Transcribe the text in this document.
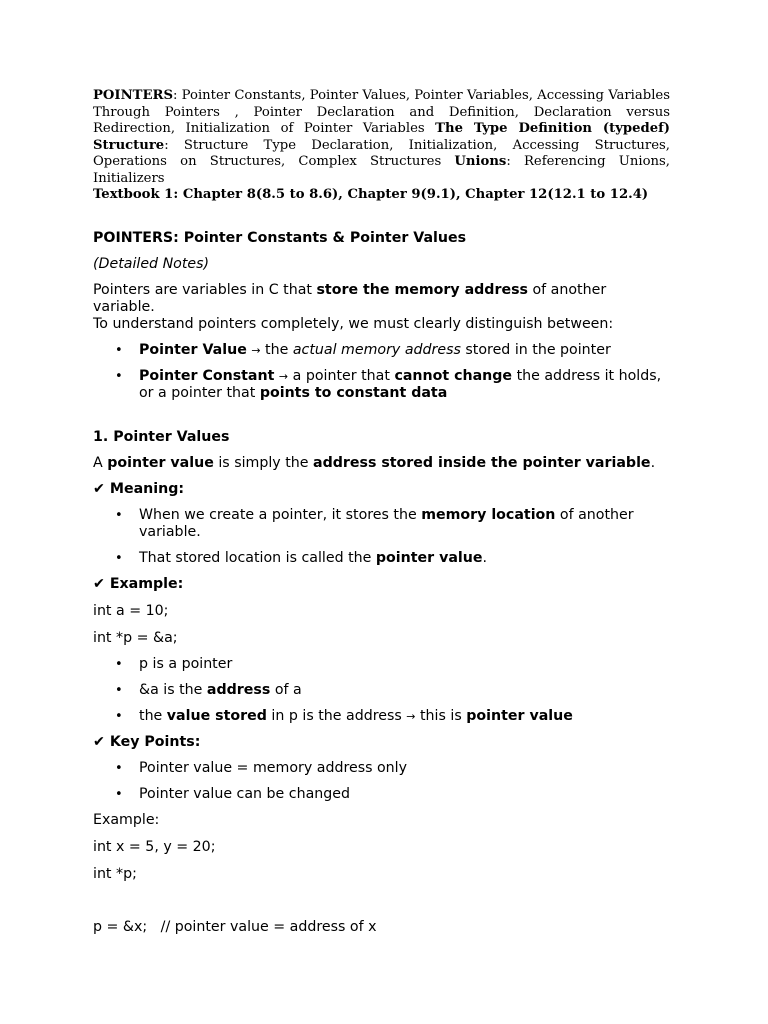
POINTERS: Pointer Constants, Pointer Values, Pointer Variables, Accessing Variables Through Pointers , Pointer Declaration and Definition, Declaration versus Redirection, Initialization of Pointer Variables The Type Definition (typedef) Structure: Structure Type Declaration, Initialization, Accessing Structures, Operations on Structures, Complex Structures Unions: Referencing Unions, Initializers

Textbook 1: Chapter 8(8.5 to 8.6), Chapter 9(9.1), Chapter 12(12.1 to 12.4)

POINTERS: Pointer Constants & Pointer Values

(Detailed Notes)

Pointers are variables in C that store the memory address of another variable.
To understand pointers completely, we must clearly distinguish between:

• Pointer Value → the actual memory address stored in the pointer
• Pointer Constant → a pointer that cannot change the address it holds, or a pointer that points to constant data

1. Pointer Values

A pointer value is simply the address stored inside the pointer variable.

✔ Meaning:

• When we create a pointer, it stores the memory location of another variable.
• That stored location is called the pointer value.

✔ Example:

int a = 10;

int *p = &a;

• p is a pointer
• &a is the address of a
• the value stored in p is the address → this is pointer value

✔ Key Points:

• Pointer value = memory address only
• Pointer value can be changed

Example:

int x = 5, y = 20;

int *p;

p = &x;   // pointer value = address of x
